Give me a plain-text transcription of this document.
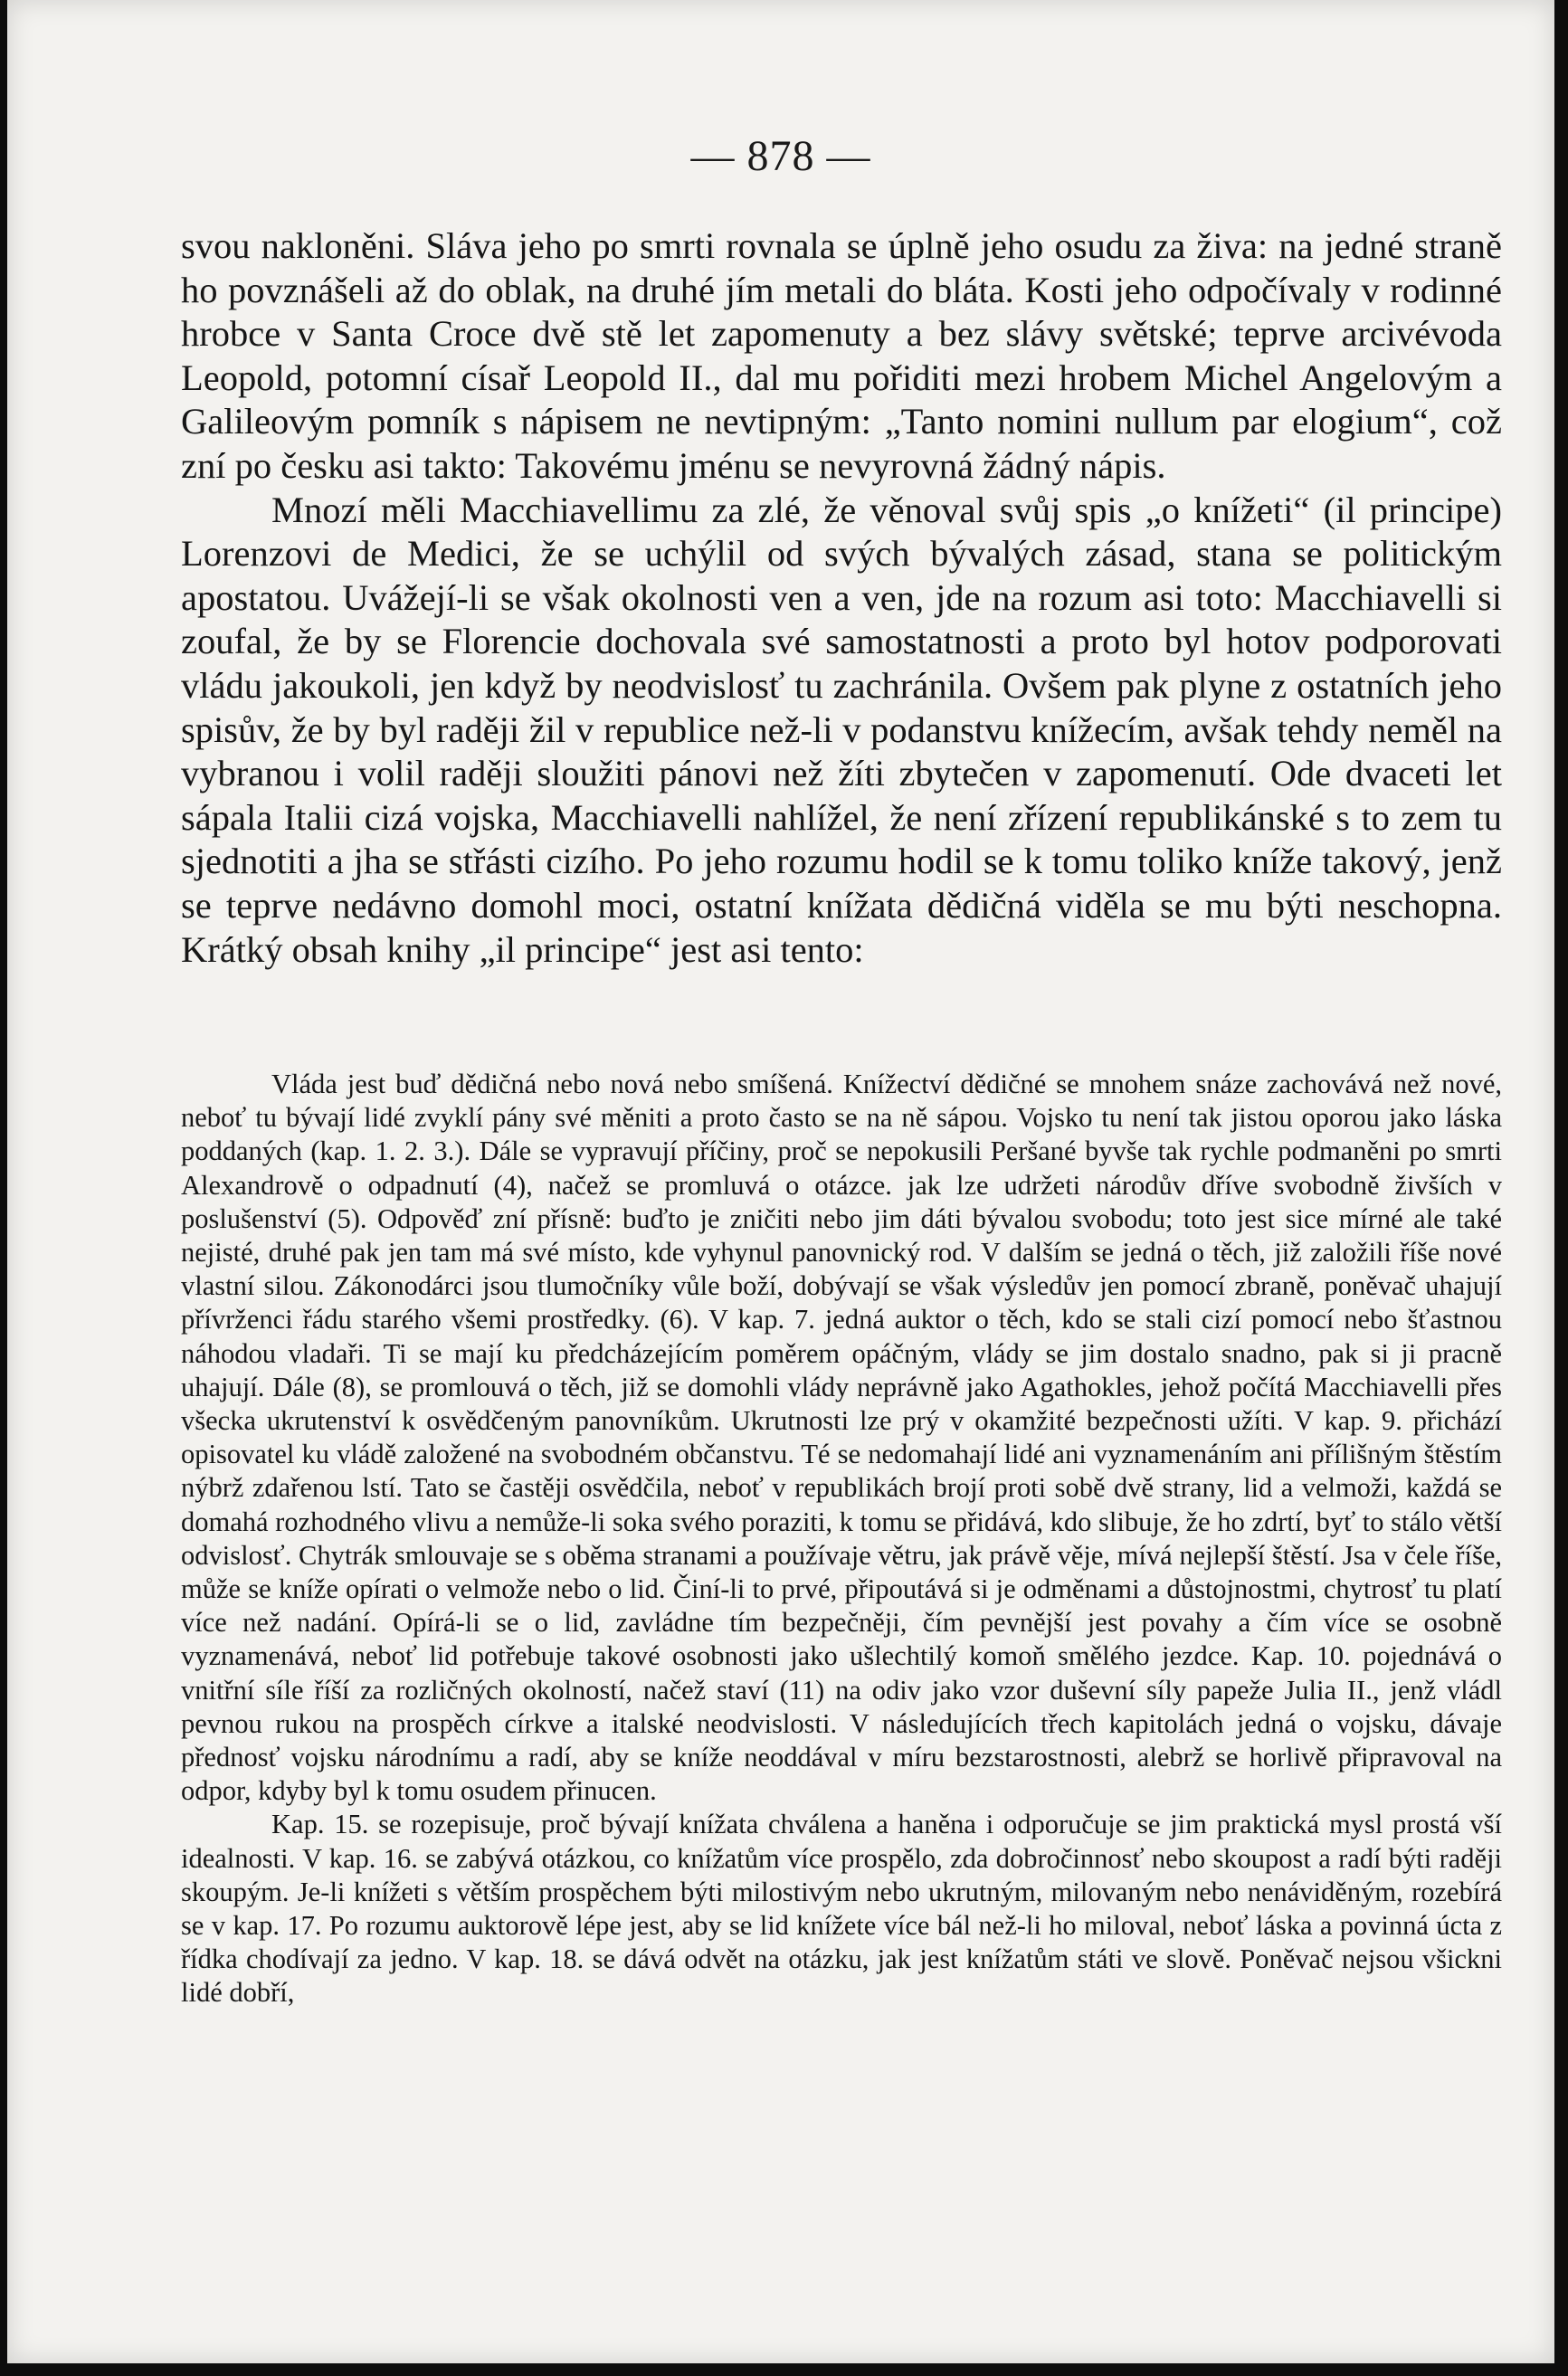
— 878 —

svou nakloněni. Sláva jeho po smrti rovnala se úplně jeho osudu za živa: na jedné straně ho povznášeli až do oblak, na druhé jím metali do bláta. Kosti jeho odpočívaly v rodinné hrobce v Santa Croce dvě stě let zapomenuty a bez slávy světské; teprve arcivévoda Leopold, potomní císař Leopold II., dal mu pořiditi mezi hrobem Michel Angelovým a Galileovým pomník s nápisem ne nevtipným: „Tanto nomini nullum par elogium“, což zní po česku asi takto: Takovému jménu se nevyrovná žádný nápis.

Mnozí měli Macchiavellimu za zlé, že věnoval svůj spis „o knížeti“ (il principe) Lorenzovi de Medici, že se uchýlil od svých bývalých zásad, stana se politickým apostatou. Uvážejí-li se však okolnosti ven a ven, jde na rozum asi toto: Macchiavelli si zoufal, že by se Florencie dochovala své samostatnosti a proto byl hotov podporovati vládu jakoukoli, jen když by neodvislosť tu zachránila. Ovšem pak plyne z ostatních jeho spisův, že by byl raději žil v republice než-li v podanstvu knížecím, avšak tehdy neměl na vybranou i volil raději sloužiti pánovi než žíti zbytečen v zapomenutí. Ode dvaceti let sápala Italii cizá vojska, Macchiavelli nahlížel, že není zřízení republikánské s to zem tu sjednotiti a jha se střásti cizího. Po jeho rozumu hodil se k tomu toliko kníže takový, jenž se teprve nedávno domohl moci, ostatní knížata dědičná viděla se mu býti neschopna. Krátký obsah knihy „il principe“ jest asi tento:

Vláda jest buď dědičná nebo nová nebo smíšená. Knížectví dědičné se mnohem snáze zachovává než nové, neboť tu bývají lidé zvyklí pány své měniti a proto často se na ně sápou. Vojsko tu není tak jistou oporou jako láska poddaných (kap. 1. 2. 3.). Dále se vypravují příčiny, proč se nepokusili Peršané byvše tak rychle podmaněni po smrti Alexandrově o odpadnutí (4), načež se promluvá o otázce. jak lze udržeti národův dříve svobodně živších v poslušenství (5). Odpověď zní přísně: buďto je zničiti nebo jim dáti bývalou svobodu; toto jest sice mírné ale také nejisté, druhé pak jen tam má své místo, kde vyhynul panovnický rod. V dalším se jedná o těch, již založili říše nové vlastní silou. Zákonodárci jsou tlumočníky vůle boží, dobývají se však výsledův jen pomocí zbraně, poněvač uhajují přívrženci řádu starého všemi prostředky. (6). V kap. 7. jedná auktor o těch, kdo se stali cizí pomocí nebo šťastnou náhodou vladaři. Ti se mají ku předcházejícím poměrem opáčným, vlády se jim dostalo snadno, pak si ji pracně uhajují. Dále (8), se promlouvá o těch, již se domohli vlády neprávně jako Agathokles, jehož počítá Macchiavelli přes všecka ukrutenství k osvědčeným panovníkům. Ukrutnosti lze prý v okamžité bezpečnosti užíti. V kap. 9. přichází opisovatel ku vládě založené na svobodném občanstvu. Té se nedomahají lidé ani vyznamenáním ani přílišným štěstím nýbrž zdařenou lstí. Tato se častěji osvědčila, neboť v republikách brojí proti sobě dvě strany, lid a velmoži, každá se domahá rozhodného vlivu a nemůže-li soka svého poraziti, k tomu se přidává, kdo slibuje, že ho zdrtí, byť to stálo větší odvislosť. Chytrák smlouvaje se s oběma stranami a používaje větru, jak právě věje, mívá nejlepší štěstí. Jsa v čele říše, může se kníže opírati o velmože nebo o lid. Činí-li to prvé, připoutává si je odměnami a důstojnostmi, chytrosť tu platí více než nadání. Opírá-li se o lid, zavládne tím bezpečněji, čím pevnější jest povahy a čím více se osobně vyznamenává, neboť lid potřebuje takové osobnosti jako ušlechtilý komoň smělého jezdce. Kap. 10. pojednává o vnitřní síle říší za rozličných okolností, načež staví (11) na odiv jako vzor duševní síly papeže Julia II., jenž vládl pevnou rukou na prospěch církve a italské neodvislosti. V následujících třech kapitolách jedná o vojsku, dávaje přednosť vojsku národnímu a radí, aby se kníže neoddával v míru bezstarostnosti, alebrž se horlivě připravoval na odpor, kdyby byl k tomu osudem přinucen.

Kap. 15. se rozepisuje, proč bývají knížata chválena a haněna i odporučuje se jim praktická mysl prostá vší idealnosti. V kap. 16. se zabývá otázkou, co knížatům více prospělo, zda dobročinnosť nebo skoupost a radí býti raději skoupým. Je-li knížeti s větším prospěchem býti milostivým nebo ukrutným, milovaným nebo nenáviděným, rozebírá se v kap. 17. Po rozumu auktorově lépe jest, aby se lid knížete více bál než-li ho miloval, neboť láska a povinná úcta z řídka chodívají za jedno. V kap. 18. se dává odvět na otázku, jak jest knížatům státi ve slově. Poněvač nejsou všickni lidé dobří,
